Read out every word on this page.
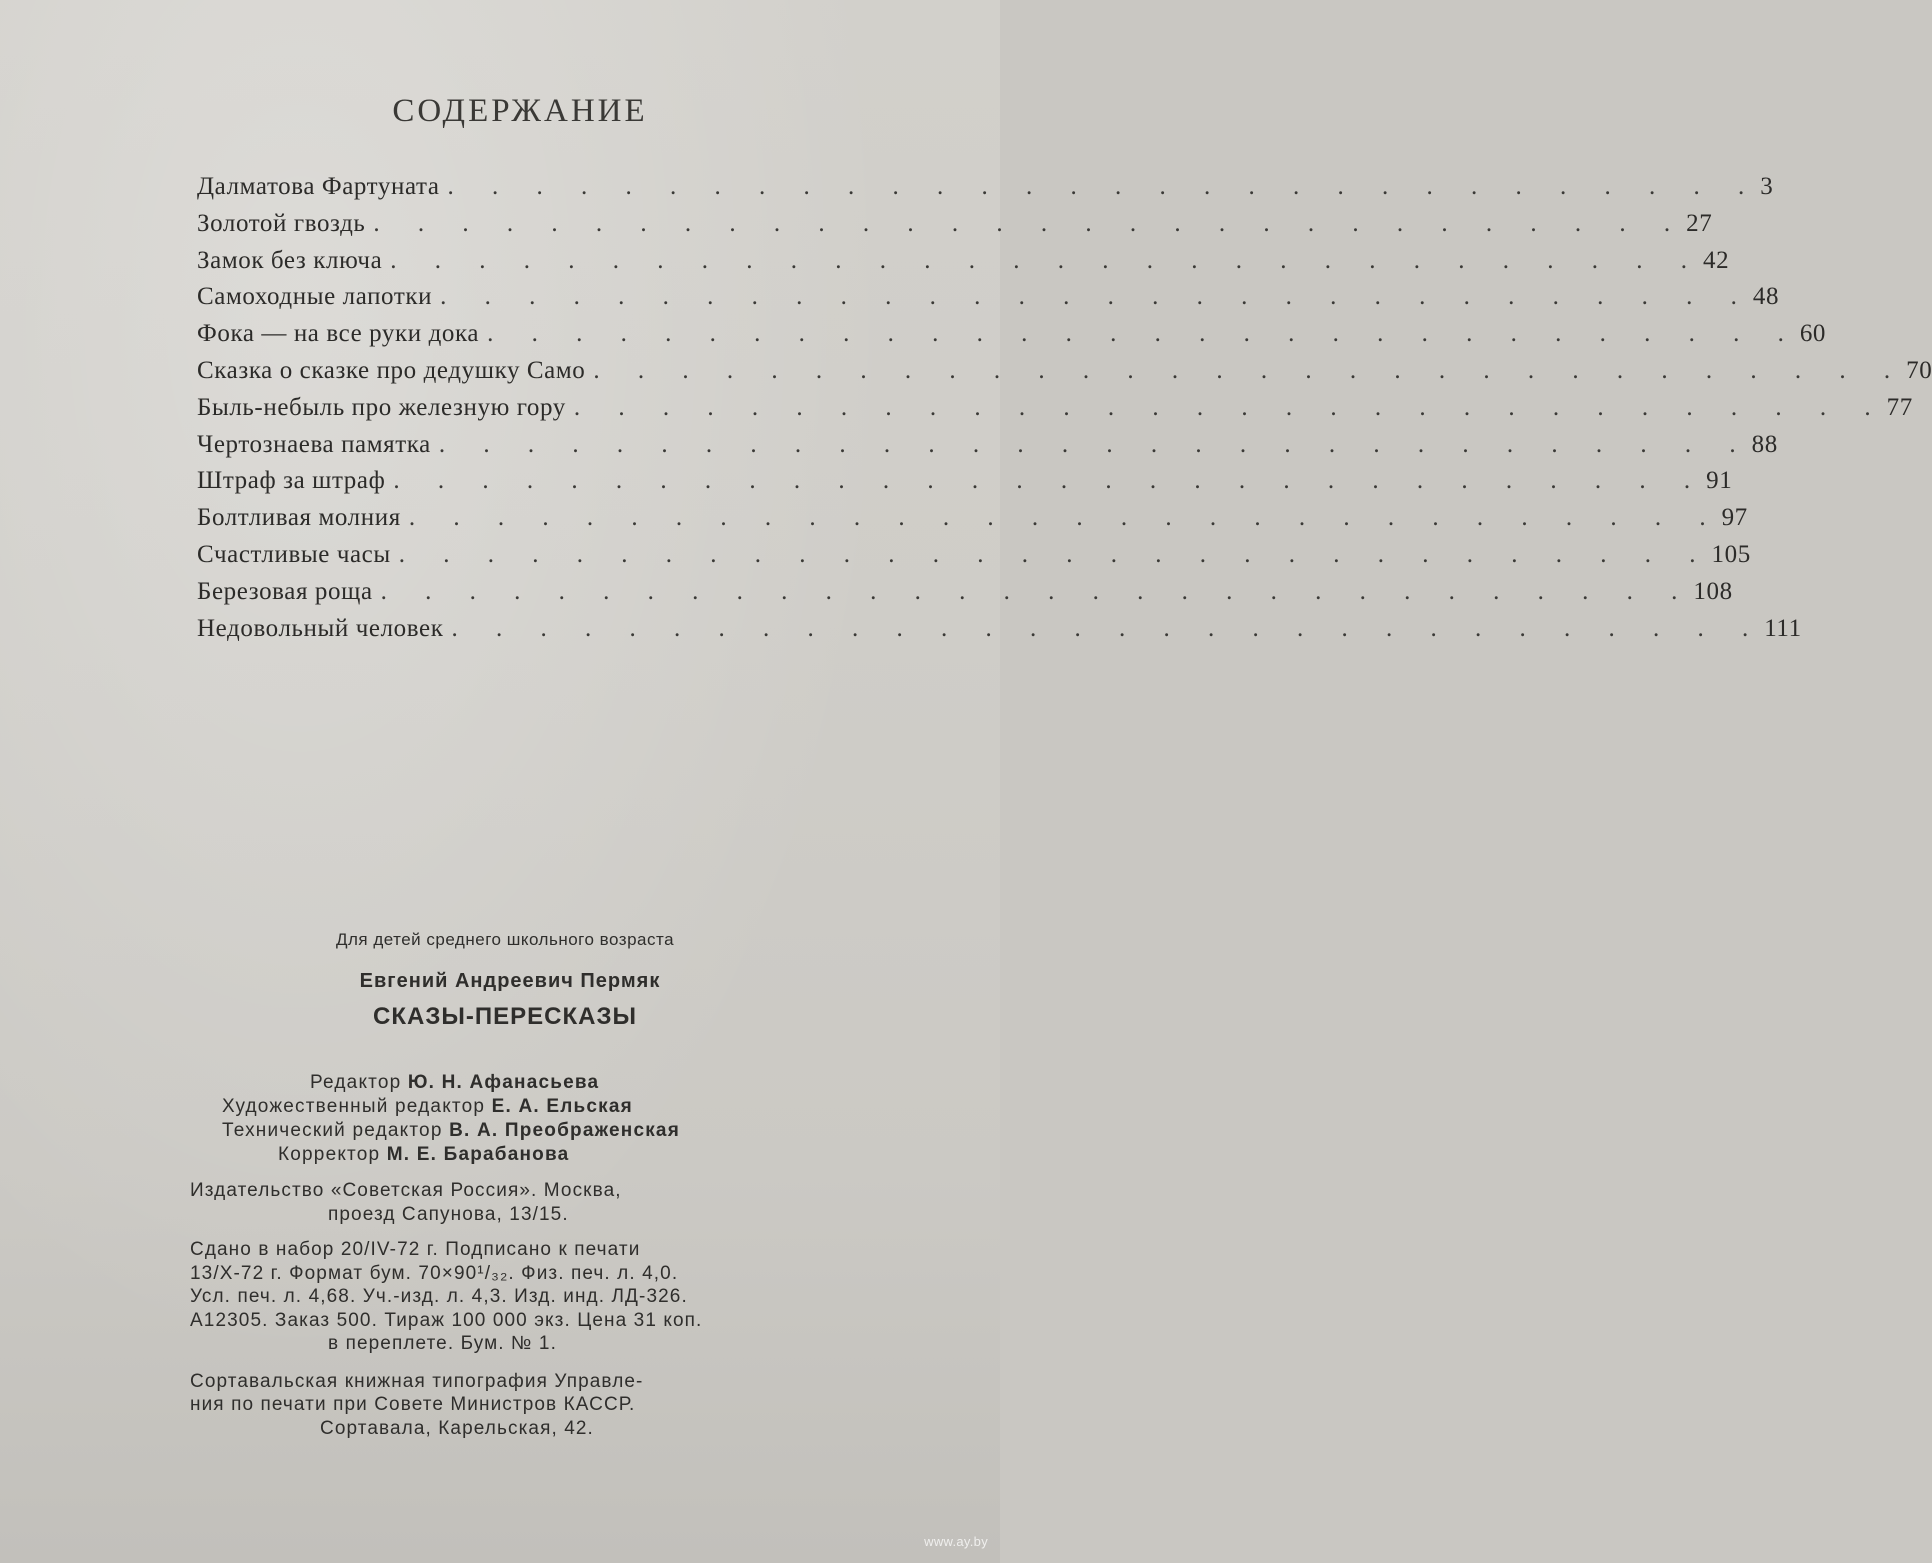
СОДЕРЖАНИЕ
Далматова Фартуната . . . . . . . . . . . . . . . . . . . . . . . . . . . . . . 3
Золотой гвоздь . . . . . . . . . . . . . . . . . . . . . . . . . . . . . . 27
Замок без ключа . . . . . . . . . . . . . . . . . . . . . . . . . . . . . . 42
Самоходные лапотки . . . . . . . . . . . . . . . . . . . . . . . . . . . . . . 48
Фока — на все руки дока . . . . . . . . . . . . . . . . . . . . . . . . . . . . . . 60
Сказка о сказке про дедушку Само . . . . . . . . . . . . . . . . . . . . . . . . . . . . . . 70
Быль-небыль про железную гору . . . . . . . . . . . . . . . . . . . . . . . . . . . . . . 77
Чертознаева памятка . . . . . . . . . . . . . . . . . . . . . . . . . . . . . . 88
Штраф за штраф . . . . . . . . . . . . . . . . . . . . . . . . . . . . . . 91
Болтливая молния . . . . . . . . . . . . . . . . . . . . . . . . . . . . . . 97
Счастливые часы . . . . . . . . . . . . . . . . . . . . . . . . . . . . . . 105
Березовая роща . . . . . . . . . . . . . . . . . . . . . . . . . . . . . . 108
Недовольный человек . . . . . . . . . . . . . . . . . . . . . . . . . . . . . . 111

Для детей среднего школьного возраста

Евгений Андреевич Пермяк

СКАЗЫ-ПЕРЕСКАЗЫ

Редактор Ю. Н. Афанасьева
Художественный редактор Е. А. Ельская
Технический редактор В. А. Преображенская
Корректор М. Е. Барабанова
Издательство «Советская Россия». Москва,
проезд Сапунова, 13/15.
Сдано в набор 20/IV-72 г. Подписано к печати
13/X-72 г. Формат бум. 70×90¹/₃₂. Физ. печ. л. 4,0.
Усл. печ. л. 4,68. Уч.-изд. л. 4,3. Изд. инд. ЛД-326.
А12305. Заказ 500. Тираж 100 000 экз. Цена 31 коп.
в переплете. Бум. № 1.
Сортавальская книжная типография Управле-
ния по печати при Совете Министров КАССР.
Сортавала, Карельская, 42.
www.ay.by
